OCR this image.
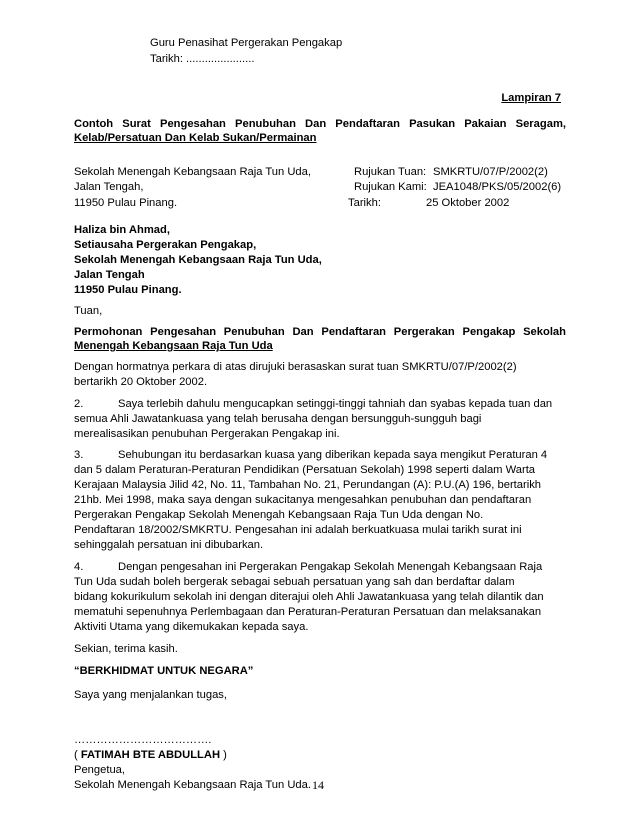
Guru Penasihat Pergerakan Pengakap
Tarikh: ......................
Lampiran 7
Contoh Surat Pengesahan Penubuhan Dan Pendaftaran Pasukan Pakaian Seragam,
Kelab/Persatuan Dan Kelab Sukan/Permainan
Sekolah Menengah Kebangsaan Raja Tun Uda,
Jalan Tengah,
11950 Pulau Pinang.
Rujukan Tuan: SMKRTU/07/P/2002(2)
Rujukan Kami: JEA1048/PKS/05/2002(6)
Tarikh:	25 Oktober 2002
Haliza bin Ahmad,
Setiausaha Pergerakan Pengakap,
Sekolah Menengah Kebangsaan Raja Tun Uda,
Jalan Tengah
11950 Pulau Pinang.
Tuan,
Permohonan Pengesahan Penubuhan Dan Pendaftaran Pergerakan Pengakap Sekolah
Menengah Kebangsaan Raja Tun Uda
Dengan hormatnya perkara di atas dirujuki berasaskan surat tuan SMKRTU/07/P/2002(2)
bertarikh 20 Oktober 2002.
2.	Saya terlebih dahulu mengucapkan setinggi-tinggi tahniah dan syabas kepada tuan dan
semua Ahli Jawatankuasa yang telah berusaha dengan bersungguh-sungguh bagi
merealisasikan penubuhan Pergerakan Pengakap ini.
3.	Sehubungan itu berdasarkan kuasa yang diberikan kepada saya mengikut Peraturan 4
dan 5 dalam Peraturan-Peraturan Pendidikan (Persatuan Sekolah) 1998 seperti dalam Warta
Kerajaan Malaysia Jilid 42, No. 11, Tambahan No. 21, Perundangan (A): P.U.(A) 196, bertarikh
21hb. Mei 1998, maka saya dengan sukacitanya mengesahkan penubuhan dan pendaftaran
Pergerakan Pengakap Sekolah Menengah Kebangsaan Raja Tun Uda dengan No.
Pendaftaran 18/2002/SMKRTU. Pengesahan ini adalah berkuatkuasa mulai tarikh surat ini
sehinggalah persatuan ini dibubarkan.
4.	Dengan pengesahan ini Pergerakan Pengakap Sekolah Menengah Kebangsaan Raja
Tun Uda sudah boleh bergerak sebagai sebuah persatuan yang sah dan berdaftar dalam
bidang kokurikulum sekolah ini dengan diterajui oleh Ahli Jawatankuasa yang telah dilantik dan
mematuhi sepenuhnya Perlembagaan dan Peraturan-Peraturan Persatuan dan melaksanakan
Aktiviti Utama yang dikemukakan kepada saya.
Sekian, terima kasih.
“BERKHIDMAT UNTUK NEGARA”
Saya yang menjalankan tugas,
……………………………….
( FATIMAH BTE ABDULLAH )
Pengetua,
Sekolah Menengah Kebangsaan Raja Tun Uda. 14
